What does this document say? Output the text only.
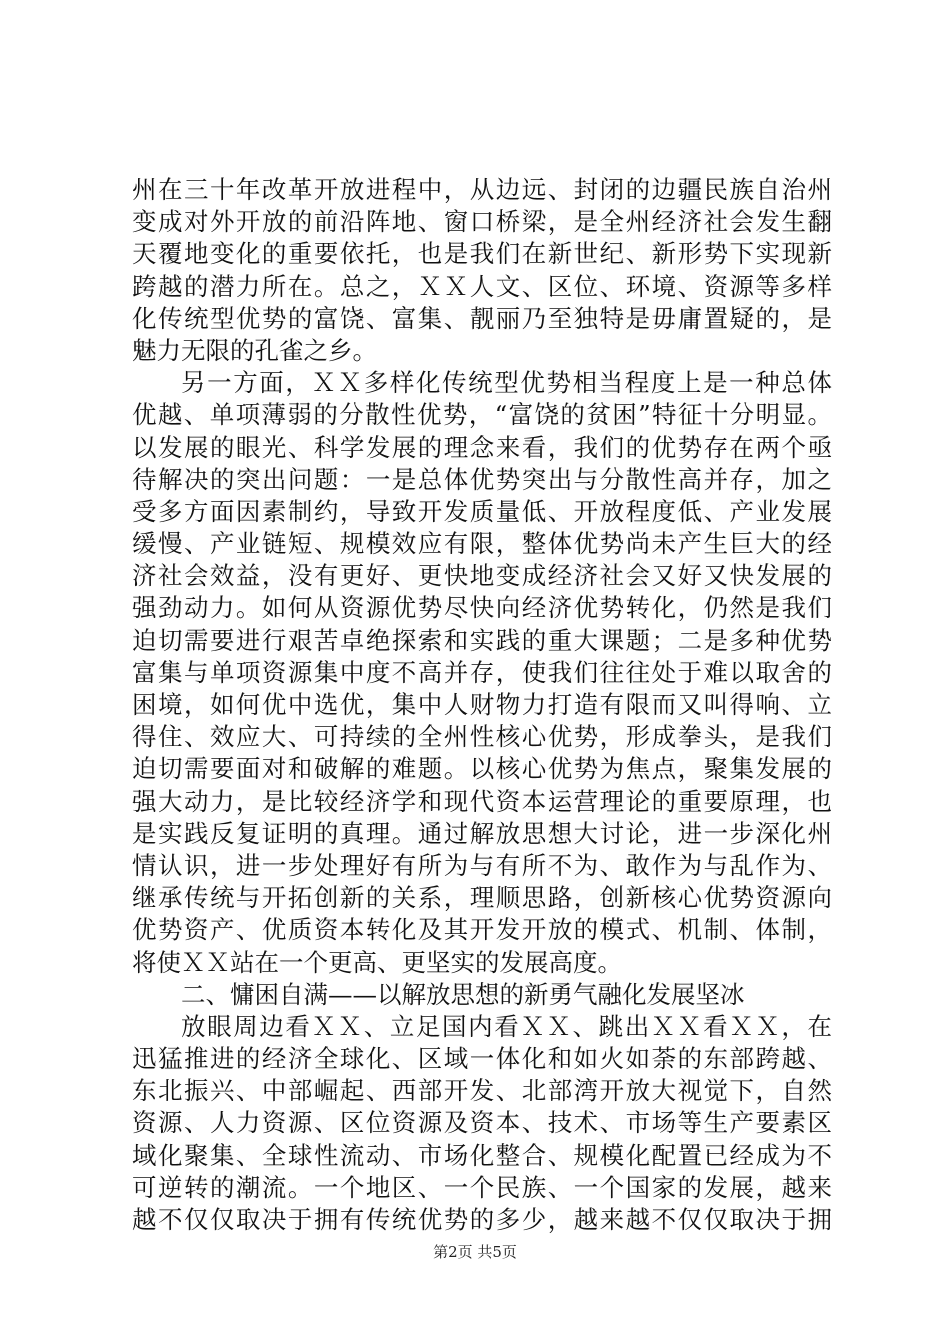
州在三十年改革开放进程中，从边远、封闭的边疆民族自治州
变成对外开放的前沿阵地、窗口桥梁，是全州经济社会发生翻
天覆地变化的重要依托，也是我们在新世纪、新形势下实现新
跨越的潜力所在。总之，ＸＸ人文、区位、环境、资源等多样
化传统型优势的富饶、富集、靓丽乃至独特是毋庸置疑的，是
魅力无限的孔雀之乡。
另一方面，ＸＸ多样化传统型优势相当程度上是一种总体
优越、单项薄弱的分散性优势，“富饶的贫困”特征十分明显。
以发展的眼光、科学发展的理念来看，我们的优势存在两个亟
待解决的突出问题：一是总体优势突出与分散性高并存，加之
受多方面因素制约，导致开发质量低、开放程度低、产业发展
缓慢、产业链短、规模效应有限，整体优势尚未产生巨大的经
济社会效益，没有更好、更快地变成经济社会又好又快发展的
强劲动力。如何从资源优势尽快向经济优势转化，仍然是我们
迫切需要进行艰苦卓绝探索和实践的重大课题；二是多种优势
富集与单项资源集中度不高并存，使我们往往处于难以取舍的
困境，如何优中选优，集中人财物力打造有限而又叫得响、立
得住、效应大、可持续的全州性核心优势，形成拳头，是我们
迫切需要面对和破解的难题。以核心优势为焦点，聚集发展的
强大动力，是比较经济学和现代资本运营理论的重要原理，也
是实践反复证明的真理。通过解放思想大讨论，进一步深化州
情认识，进一步处理好有所为与有所不为、敢作为与乱作为、
继承传统与开拓创新的关系，理顺思路，创新核心优势资源向
优势资产、优质资本转化及其开发开放的模式、机制、体制，
将使ＸＸ站在一个更高、更坚实的发展高度。
二、慵困自满——以解放思想的新勇气融化发展坚冰
放眼周边看ＸＸ、立足国内看ＸＸ、跳出ＸＸ看ＸＸ，在
迅猛推进的经济全球化、区域一体化和如火如荼的东部跨越、
东北振兴、中部崛起、西部开发、北部湾开放大视觉下，自然
资源、人力资源、区位资源及资本、技术、市场等生产要素区
域化聚集、全球性流动、市场化整合、规模化配置已经成为不
可逆转的潮流。一个地区、一个民族、一个国家的发展，越来
越不仅仅取决于拥有传统优势的多少，越来越不仅仅取决于拥
第2页 共5页
